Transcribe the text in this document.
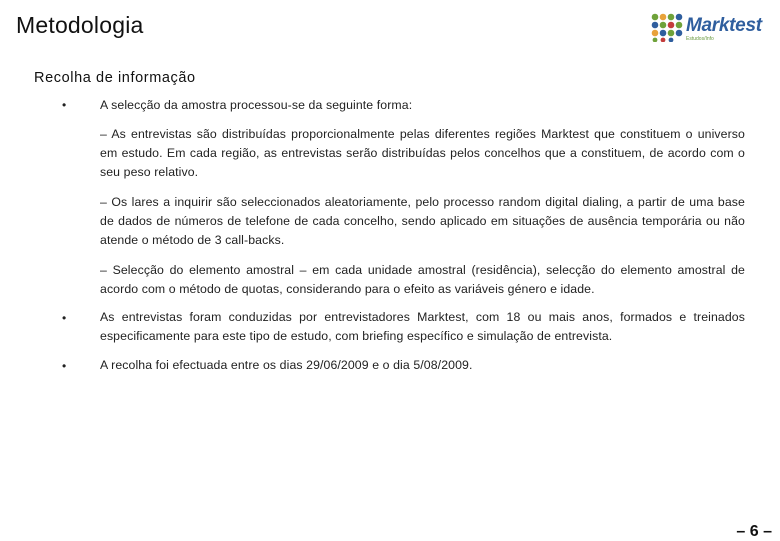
Metodologia	Marktest
Estudos/Info
Recolha de informação
•	A selecção da amostra processou-se da seguinte forma:
– As entrevistas são distribuídas proporcionalmente pelas diferentes regiões Marktest que constituem o universo em estudo. Em cada região, as entrevistas serão distribuídas pelos concelhos que a constituem, de acordo com o seu peso relativo.
– Os lares a inquirir são seleccionados aleatoriamente, pelo processo random digital dialing, a partir de uma base de dados de números de telefone de cada concelho, sendo aplicado em situações de ausência temporária ou não atende o método de 3 call-backs.
– Selecção do elemento amostral – em cada unidade amostral (residência), selecção do elemento amostral de acordo com o método de quotas, considerando para o efeito as variáveis género e idade.
•	As entrevistas foram conduzidas por entrevistadores Marktest, com 18 ou mais anos, formados e treinados especificamente para este tipo de estudo, com briefing específico e simulação de entrevista.
•	A recolha foi efectuada entre os dias 29/06/2009 e o dia 5/08/2009.
– 6 –
